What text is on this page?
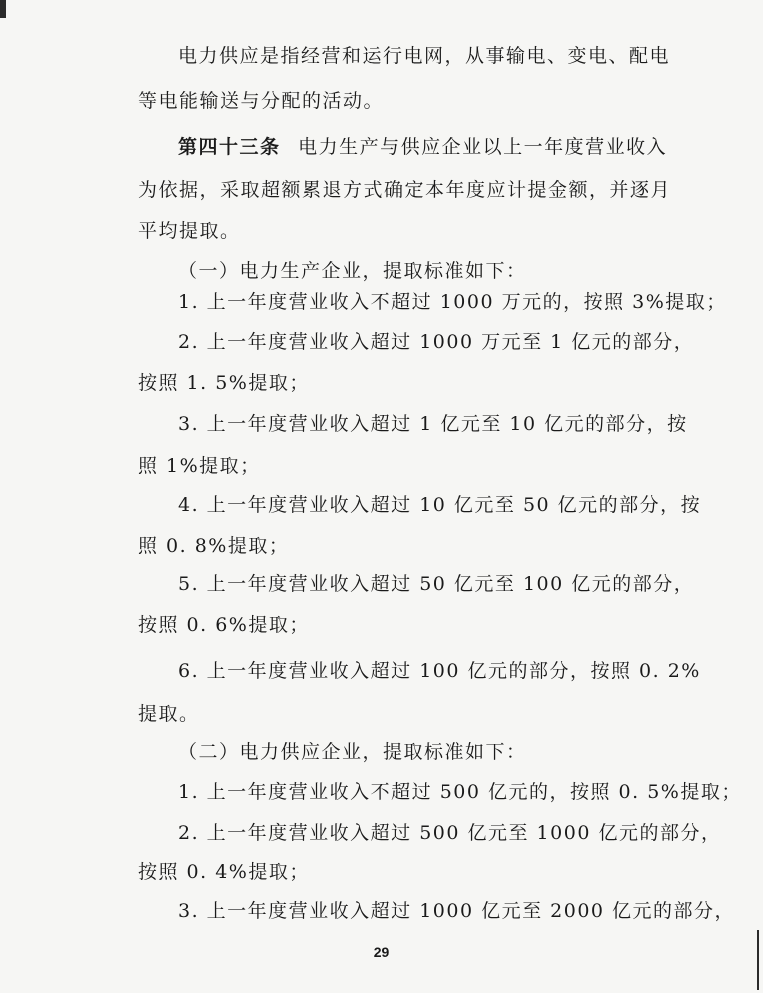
电力供应是指经营和运行电网，从事输电、变电、配电
等电能输送与分配的活动。
第四十三条 电力生产与供应企业以上一年度营业收入
为依据，采取超额累退方式确定本年度应计提金额，并逐月
平均提取。
（一）电力生产企业，提取标准如下：
1. 上一年度营业收入不超过 1000 万元的，按照 3%提取；
2. 上一年度营业收入超过 1000 万元至 1 亿元的部分，
按照 1. 5%提取；
3. 上一年度营业收入超过 1 亿元至 10 亿元的部分，按
照 1%提取；
4. 上一年度营业收入超过 10 亿元至 50 亿元的部分，按
照 0. 8%提取；
5. 上一年度营业收入超过 50 亿元至 100 亿元的部分，
按照 0. 6%提取；
6. 上一年度营业收入超过 100 亿元的部分，按照 0. 2%
提取。
（二）电力供应企业，提取标准如下：
1. 上一年度营业收入不超过 500 亿元的，按照 0. 5%提取；
2. 上一年度营业收入超过 500 亿元至 1000 亿元的部分，
按照 0. 4%提取；
3. 上一年度营业收入超过 1000 亿元至 2000 亿元的部分，
29
